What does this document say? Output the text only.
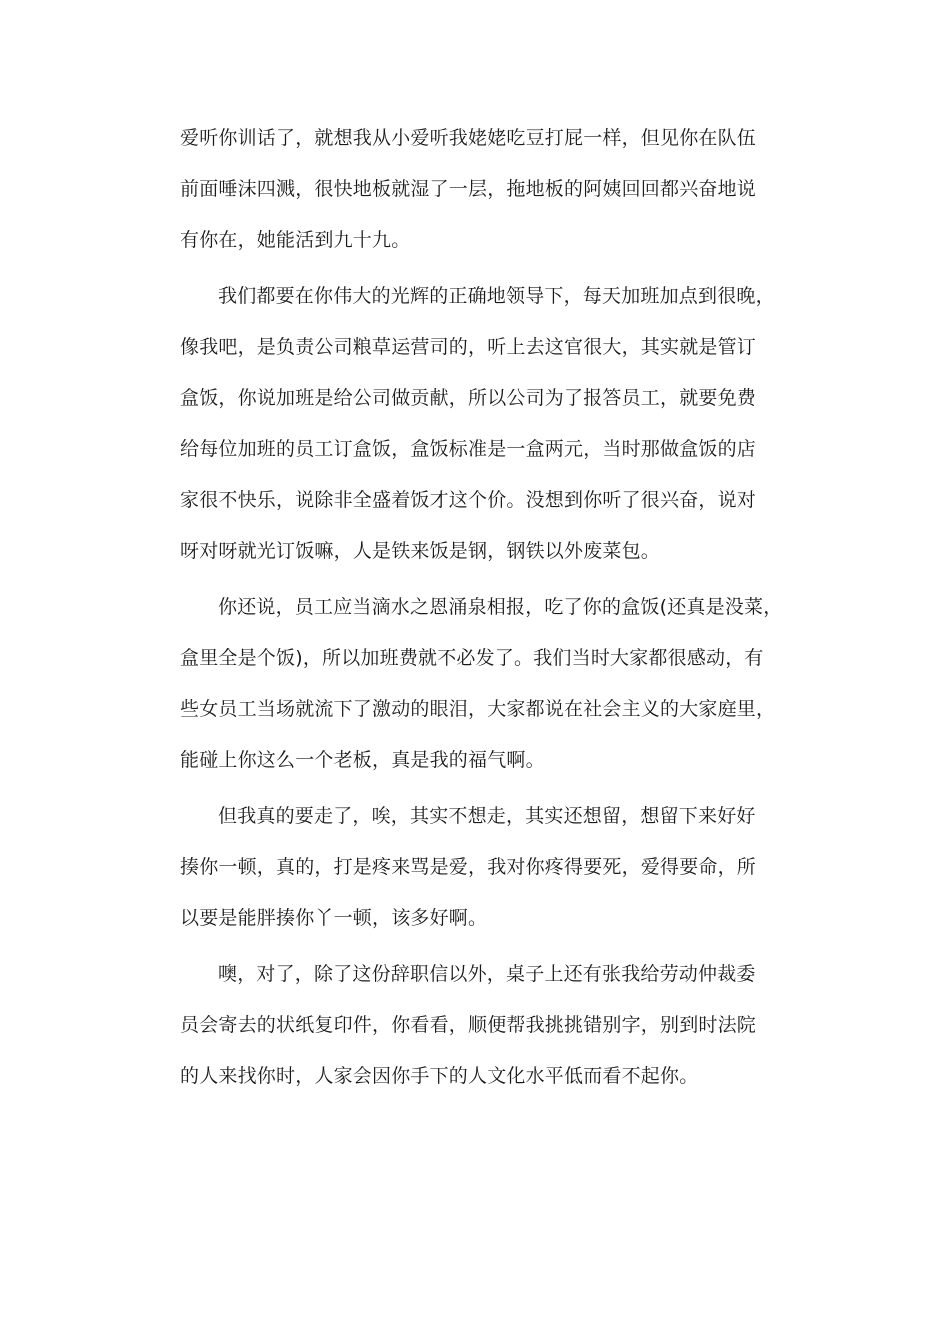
爱听你训话了，就想我从小爱听我姥姥吃豆打屁一样，但见你在队伍
前面唾沫四溅，很快地板就湿了一层，拖地板的阿姨回回都兴奋地说
有你在，她能活到九十九。
我们都要在你伟大的光辉的正确地领导下，每天加班加点到很晚，
像我吧，是负责公司粮草运营司的，听上去这官很大，其实就是管订
盒饭，你说加班是给公司做贡献，所以公司为了报答员工，就要免费
给每位加班的员工订盒饭，盒饭标准是一盒两元，当时那做盒饭的店
家很不快乐，说除非全盛着饭才这个价。没想到你听了很兴奋，说对
呀对呀就光订饭嘛，人是铁来饭是钢，钢铁以外废菜包。
你还说，员工应当滴水之恩涌泉相报，吃了你的盒饭(还真是没菜，
盒里全是个饭)，所以加班费就不必发了。我们当时大家都很感动，有
些女员工当场就流下了激动的眼泪，大家都说在社会主义的大家庭里，
能碰上你这么一个老板，真是我的福气啊。
但我真的要走了，唉，其实不想走，其实还想留，想留下来好好
揍你一顿，真的，打是疼来骂是爱，我对你疼得要死，爱得要命，所
以要是能胖揍你丫一顿，该多好啊。
噢，对了，除了这份辞职信以外，桌子上还有张我给劳动仲裁委
员会寄去的状纸复印件，你看看，顺便帮我挑挑错别字，别到时法院
的人来找你时，人家会因你手下的人文化水平低而看不起你。
